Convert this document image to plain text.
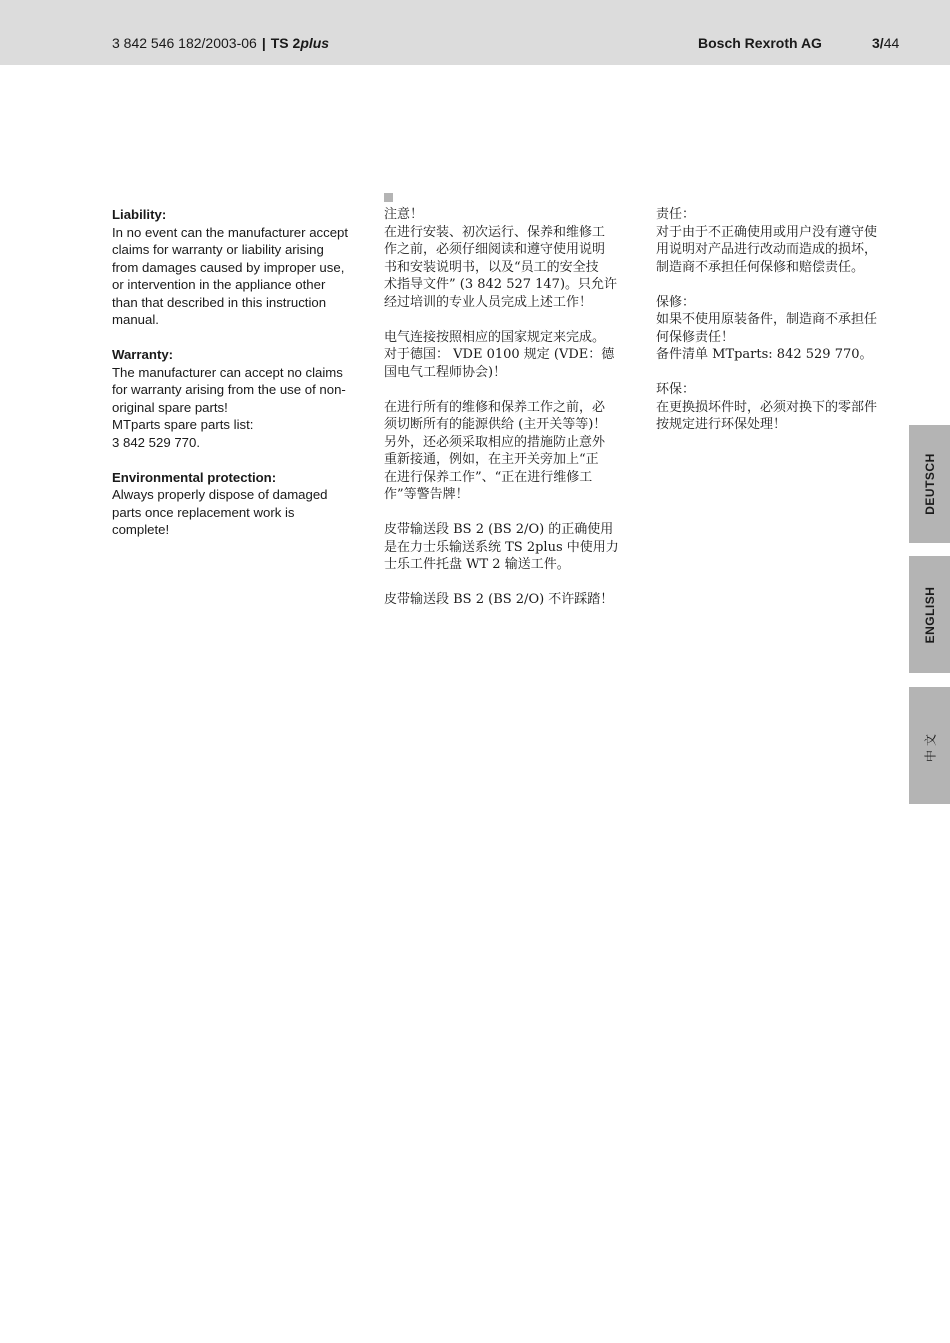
3 842 546 182/2003-06 | TS 2plus	Bosch Rexroth AG	3/44

Liability:

In no event can the manufacturer accept

claims for warranty or liability arising

from damages caused by improper use,

or intervention in the appliance other

than that described in this instruction

manual.

Warranty:

The manufacturer can accept no claims

for warranty arising from the use of non-

original spare parts!

MTparts spare parts list:

3 842 529 770.

Environmental protection:

Always properly dispose of damaged

parts once replacement work is

complete!

注意！

在进行安装、初次运行、保养和维修工

作之前，必须仔细阅读和遵守使用说明

书和安装说明书，以及“员工的安全技

术指导文件” (3 842 527 147)。只允许

经过培训的专业人员完成上述工作！

电气连接按照相应的国家规定来完成。

对于德国： VDE 0100 规定 (VDE：德

国电气工程师协会)！

在进行所有的维修和保养工作之前，必

须切断所有的能源供给 (主开关等等)！

另外，还必须采取相应的措施防止意外

重新接通，例如，在主开关旁加上“正

在进行保养工作”、“正在进行维修工

作”等警告牌！

皮带输送段 BS 2 (BS 2/O) 的正确使用

是在力士乐输送系统 TS 2plus 中使用力

士乐工件托盘 WT 2 输送工件。

皮带输送段 BS 2 (BS 2/O) 不许踩踏！

责任：

对于由于不正确使用或用户没有遵守使

用说明对产品进行改动而造成的损坏，

制造商不承担任何保修和赔偿责任。

保修：

如果不使用原装备件，制造商不承担任

何保修责任！

备件清单 MTparts: 842 529 770。

环保：

在更换损坏件时，必须对换下的零部件

按规定进行环保处理！

DEUTSCH
ENGLISH
中文
